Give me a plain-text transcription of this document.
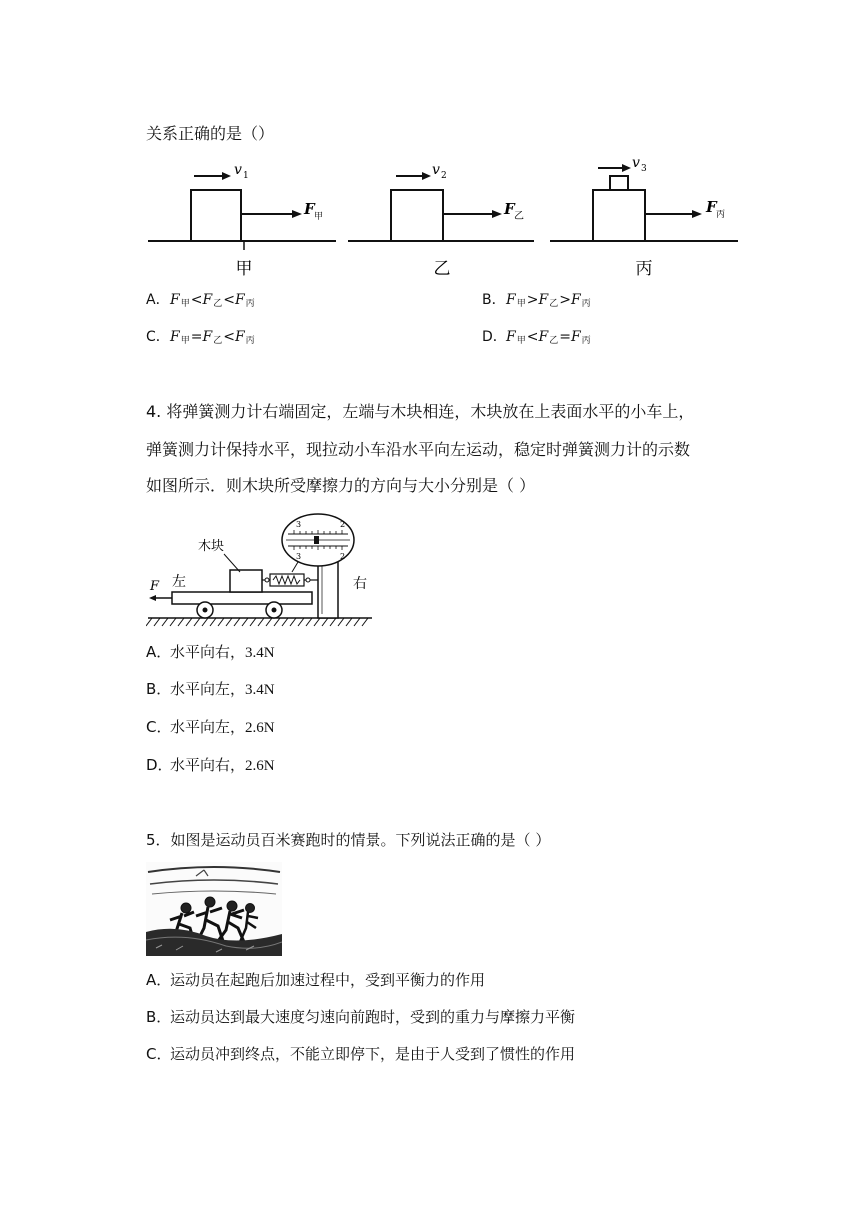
关系正确的是（）
v 1
F 甲
甲
v 2
F 乙
乙
v 3
F 丙
丙
A．$F_甲<F_乙<F_丙$	B．$F_甲>F_乙>F_丙$
C．$F_甲=F_乙<F_丙$	D．$F_甲<F_乙=F_丙$
4. 将弹簧测力计右端固定，左端与木块相连，木块放在上表面水平的小车上，
弹簧测力计保持水平，现拉动小车沿水平向左运动，稳定时弹簧测力计的示数
如图所示．则木块所受摩擦力的方向与大小分别是（ ）
F 左	右
木块
3	2
3	2
A．水平向右，3.4N
B．水平向左，3.4N
C．水平向左，2.6N
D．水平向右，2.6N
5．如图是运动员百米赛跑时的情景。下列说法正确的是（ ）
A．运动员在起跑后加速过程中，受到平衡力的作用
B．运动员达到最大速度匀速向前跑时，受到的重力与摩擦力平衡
C．运动员冲到终点，不能立即停下，是由于人受到了惯性的作用
